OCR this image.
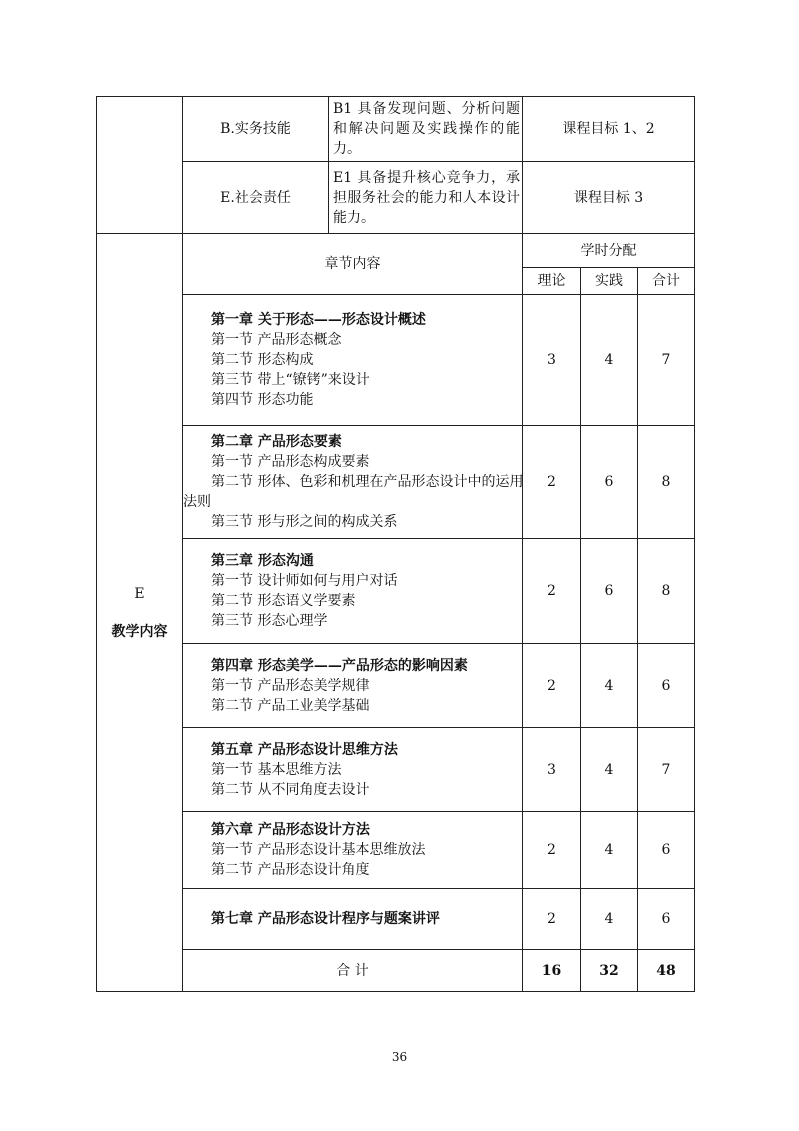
	B.实务技能	B1 具备发现问题、分析问题和解决问题及实践操作的能力。	课程目标 1、2		
	E.社会责任	E1 具备提升核心竞争力，承担服务社会的能力和人本设计能力。	课程目标 3		

E
教学内容	章节内容		学时分配		
			理论	实践	合计

	第一章 关于形态——形态设计概述
第一节 产品形态概念
第二节 形态构成
第三节 带上“镣铐”来设计
第四节 形态功能		3	4	7

	第二章 产品形态要素
第一节 产品形态构成要素
第二节 形体、色彩和机理在产品形态设计中的运用
法则
第三节 形与形之间的构成关系		2	6	8

	第三章 形态沟通
第一节 设计师如何与用户对话
第二节 形态语义学要素
第三节 形态心理学		2	6	8

	第四章 形态美学——产品形态的影响因素
第一节 产品形态美学规律
第二节 产品工业美学基础		2	4	6

	第五章 产品形态设计思维方法
第一节 基本思维方法
第二节 从不同角度去设计		3	4	7

	第六章 产品形态设计方法
第一节 产品形态设计基本思维放法
第二节 产品形态设计角度		2	4	6

	第七章 产品形态设计程序与题案讲评		2	4	6
	合 计		16	32	48
36
